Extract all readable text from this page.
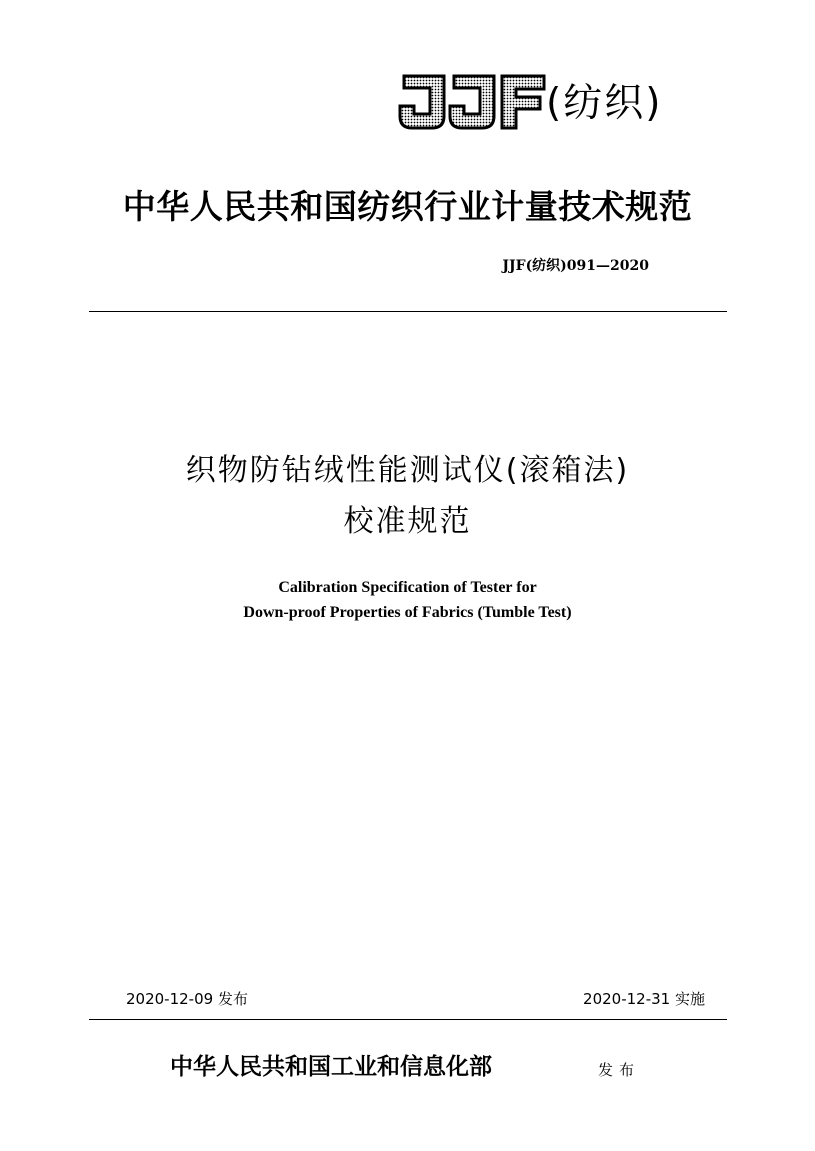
(纺织)
中华人民共和国纺织行业计量技术规范
JJF(纺织)091—2020
织物防钻绒性能测试仪(滚箱法)
校准规范
Calibration Specification of Tester for
Down-proof Properties of Fabrics (Tumble Test)
2020-12-09 发布	2020-12-31 实施
中华人民共和国工业和信息化部	发布
